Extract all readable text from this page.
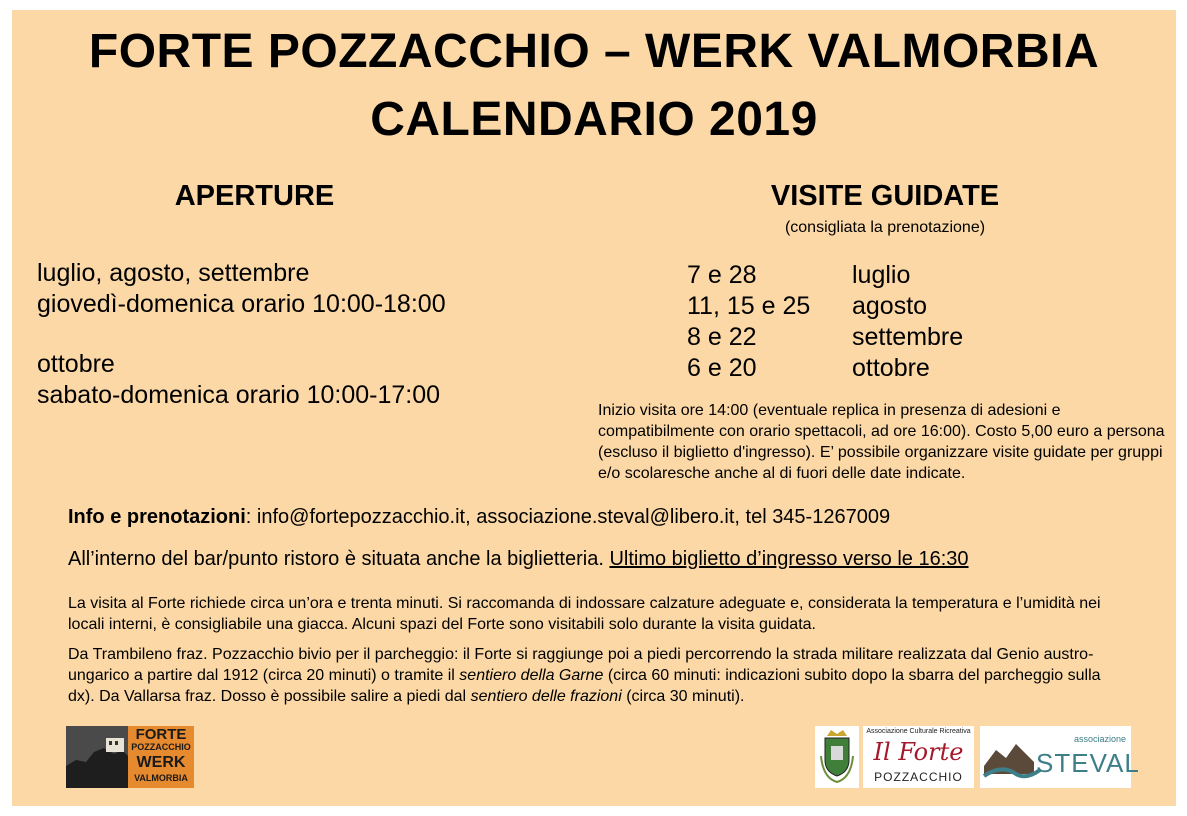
FORTE POZZACCHIO – WERK VALMORBIA
CALENDARIO 2019
APERTURE
luglio, agosto, settembre
giovedì-domenica orario 10:00-18:00
ottobre
sabato-domenica orario 10:00-17:00
VISITE GUIDATE
(consigliata la prenotazione)
7 e 28
11, 15 e 25
8 e 22
6 e 20
luglio
agosto
settembre
ottobre
Inizio visita ore 14:00 (eventuale replica in presenza di adesioni e compatibilmente con orario spettacoli, ad ore 16:00). Costo 5,00 euro a persona (escluso il biglietto d'ingresso). E’ possibile organizzare visite guidate per gruppi e/o scolaresche anche al di fuori delle date indicate.
Info e prenotazioni: info@fortepozzacchio.it, associazione.steval@libero.it, tel 345-1267009
All’interno del bar/punto ristoro è situata anche la biglietteria. Ultimo biglietto d’ingresso verso le 16:30
La visita al Forte richiede circa un’ora e trenta minuti. Si raccomanda di indossare calzature adeguate e, considerata la temperatura e l’umidità nei locali interni, è consigliabile una giacca. Alcuni spazi del Forte sono visitabili solo durante la visita guidata.
Da Trambileno fraz. Pozzacchio bivio per il parcheggio: il Forte si raggiunge poi a piedi percorrendo la strada militare realizzata dal Genio austro-ungarico a partire dal 1912 (circa 20 minuti) o tramite il sentiero della Garne (circa 60 minuti: indicazioni subito dopo la sbarra del parcheggio sulla dx). Da Vallarsa fraz. Dosso è possibile salire a piedi dal sentiero delle frazioni (circa 30 minuti).
FORTE
POZZACCHIO
WERK
VALMORBIA
Associazione Culturale Ricreativa
Il Forte
POZZACCHIO
associazione
STEVAL
